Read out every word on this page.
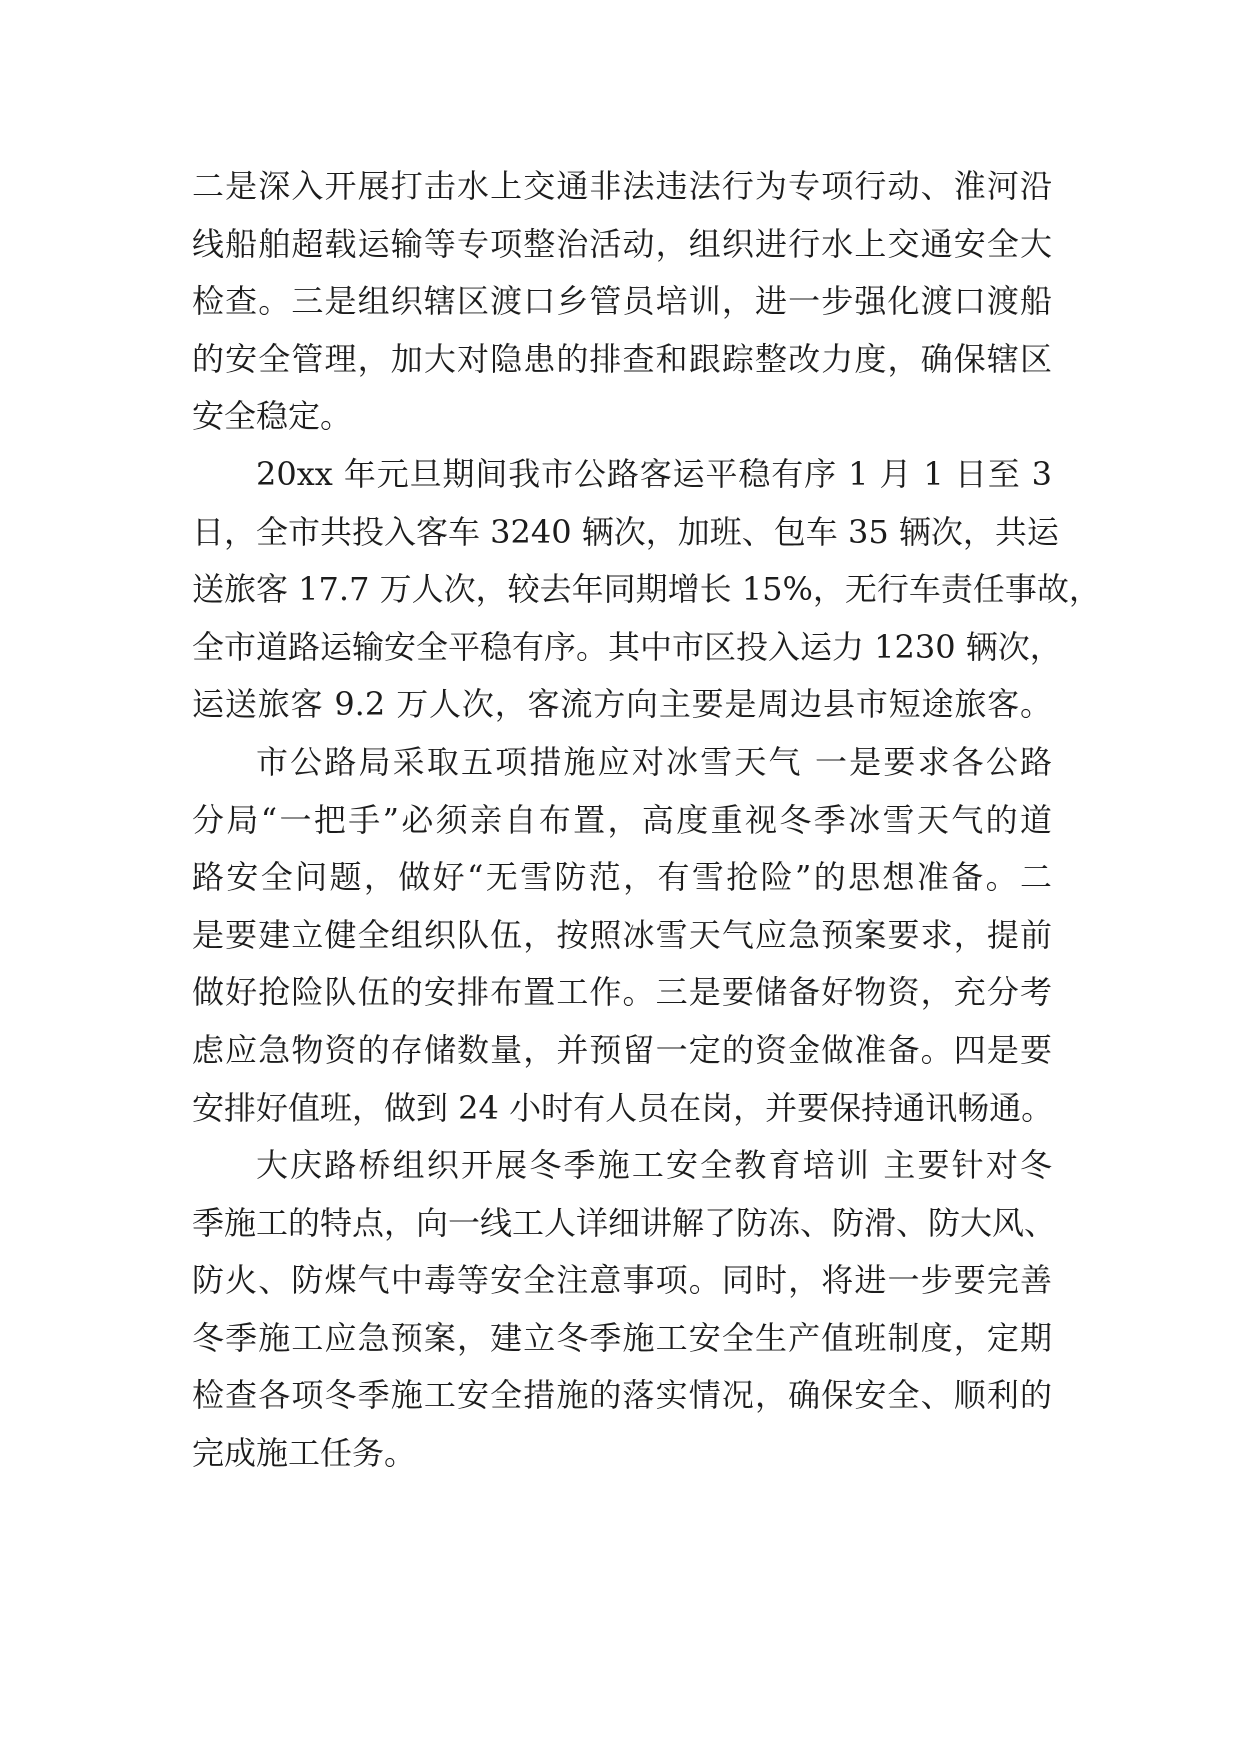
二是深入开展打击水上交通非法违法行为专项行动、淮河沿
线船舶超载运输等专项整治活动，组织进行水上交通安全大
检查。三是组织辖区渡口乡管员培训，进一步强化渡口渡船
的安全管理，加大对隐患的排查和跟踪整改力度，确保辖区
安全稳定。
20xx 年元旦期间我市公路客运平稳有序 1 月 1 日至 3
日，全市共投入客车 3240 辆次，加班、包车 35 辆次，共运
送旅客 17.7 万人次，较去年同期增长 15%，无行车责任事故，
全市道路运输安全平稳有序。其中市区投入运力 1230 辆次，
运送旅客 9.2 万人次，客流方向主要是周边县市短途旅客。
市公路局采取五项措施应对冰雪天气 一是要求各公路
分局“一把手”必须亲自布置，高度重视冬季冰雪天气的道
路安全问题，做好“无雪防范，有雪抢险”的思想准备。二
是要建立健全组织队伍，按照冰雪天气应急预案要求，提前
做好抢险队伍的安排布置工作。三是要储备好物资，充分考
虑应急物资的存储数量，并预留一定的资金做准备。四是要
安排好值班，做到 24 小时有人员在岗，并要保持通讯畅通。
大庆路桥组织开展冬季施工安全教育培训 主要针对冬
季施工的特点，向一线工人详细讲解了防冻、防滑、防大风、
防火、防煤气中毒等安全注意事项。同时，将进一步要完善
冬季施工应急预案，建立冬季施工安全生产值班制度，定期
检查各项冬季施工安全措施的落实情况，确保安全、顺利的
完成施工任务。
